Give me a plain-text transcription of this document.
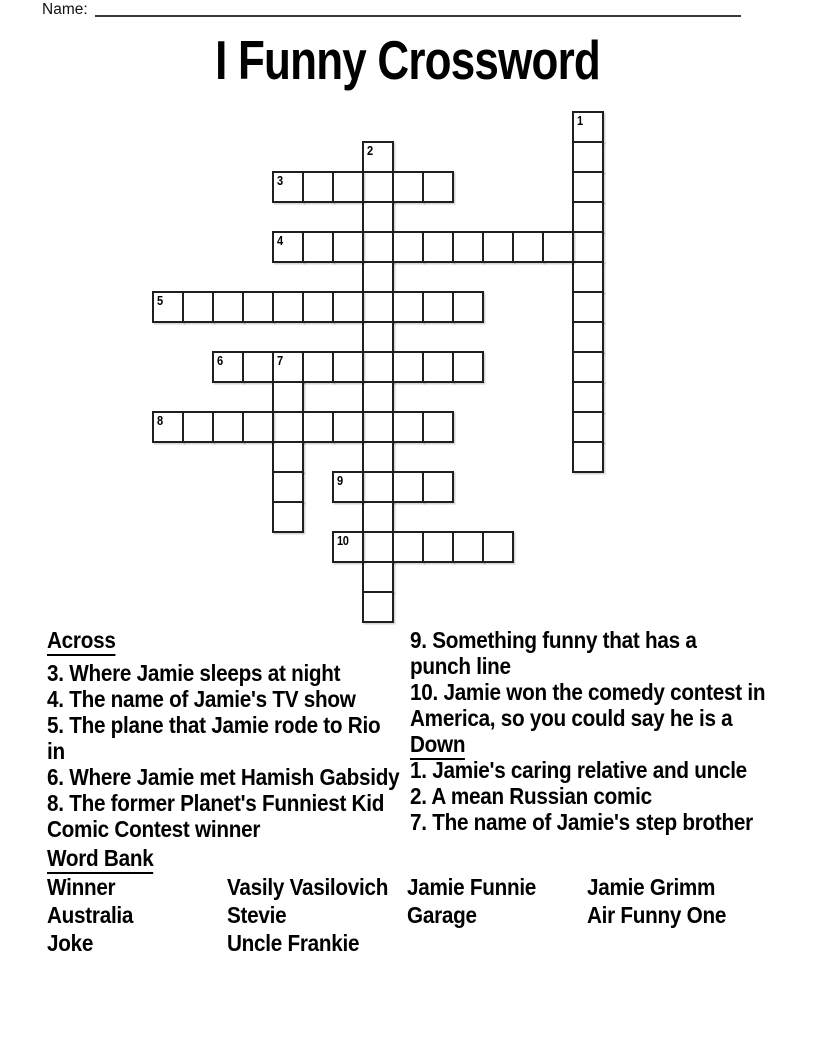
Name:
I Funny Crossword
1
2
3
4
5
6	7
8
9
10
Across
3. Where Jamie sleeps at night
4. The name of Jamie's TV show
5. The plane that Jamie rode to Rio
in
6. Where Jamie met Hamish Gabsidy
8. The former Planet's Funniest Kid
Comic Contest winner
9. Something funny that has a
punch line
10. Jamie won the comedy contest in
America, so you could say he is a
Down
1. Jamie's caring relative and uncle
2. A mean Russian comic
7. The name of Jamie's step brother
Word Bank
Winner
Australia
Joke
Vasily Vasilovich
Stevie
Uncle Frankie
Jamie Funnie
Garage
Jamie Grimm
Air Funny One
